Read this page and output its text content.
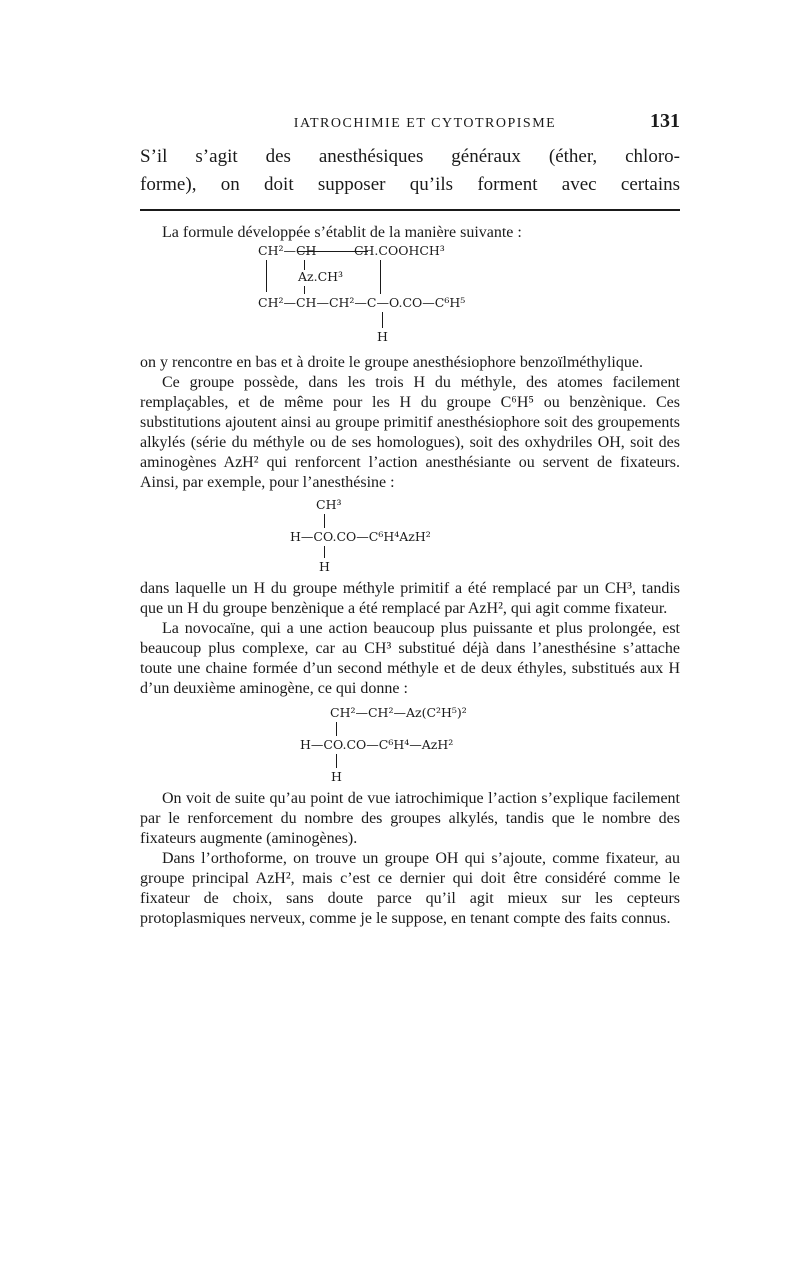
IATROCHIMIE ET CYTOTROPISME	131

S’il s’agit des anesthésiques généraux (éther, chloro-
forme), on doit supposer qu’ils forment avec certains

La formule développée s’établit de la manière suivante :

CH²—CH———CH.COOHCH³
Az.CH³
CH²—CH—CH²—C—O.CO—C⁶H⁵
H

on y rencontre en bas et à droite le groupe anesthésiophore benzoïlméthylique.

Ce groupe possède, dans les trois H du méthyle, des atomes facilement remplaçables, et de même pour les H du groupe C⁶H⁵ ou benzènique. Ces substitutions ajoutent ainsi au groupe primitif anesthésiophore soit des groupements alkylés (série du méthyle ou de ses homologues), soit des oxhydriles OH, soit des aminogènes AzH² qui renforcent l’action anesthésiante ou servent de fixateurs. Ainsi, par exemple, pour l’anesthésine :

CH³
H—CO.CO—C⁶H⁴AzH²
H

dans laquelle un H du groupe méthyle primitif a été remplacé par un CH³, tandis que un H du groupe benzènique a été remplacé par AzH², qui agit comme fixateur.

La novocaïne, qui a une action beaucoup plus puissante et plus prolongée, est beaucoup plus complexe, car au CH³ substitué déjà dans l’anesthésine s’attache toute une chaine formée d’un second méthyle et de deux éthyles, substitués aux H d’un deuxième aminogène, ce qui donne :

CH²—CH²—Az(C²H⁵)²
H—CO.CO—C⁶H⁴—AzH²
H

On voit de suite qu’au point de vue iatrochimique l’action s’explique facilement par le renforcement du nombre des groupes alkylés, tandis que le nombre des fixateurs augmente (aminogènes).

Dans l’orthoforme, on trouve un groupe OH qui s’ajoute, comme fixateur, au groupe principal AzH², mais c’est ce dernier qui doit être considéré comme le fixateur de choix, sans doute parce qu’il agit mieux sur les cepteurs protoplasmiques nerveux, comme je le suppose, en tenant compte des faits connus.
